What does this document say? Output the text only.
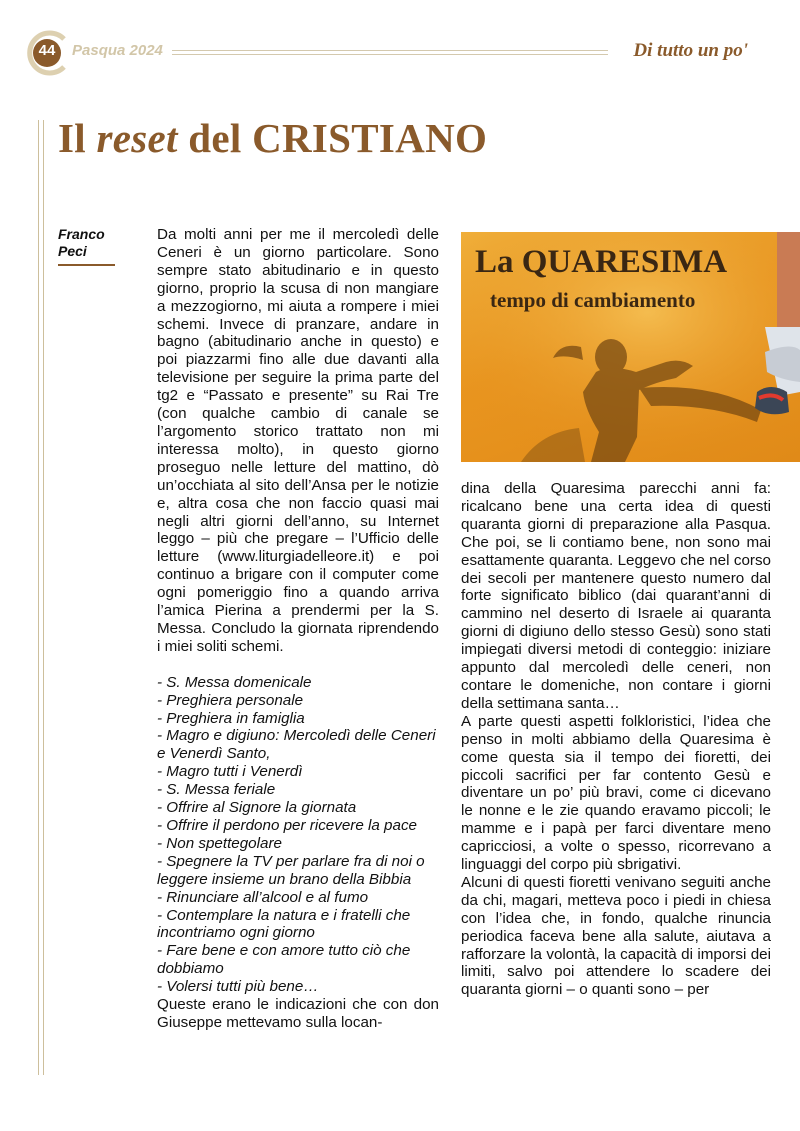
44	Pasqua 2024	Di tutto un po'
Il reset del CRISTIANO
Franco
Peci

Da molti anni per me il mercoledì delle Ceneri è un giorno particolare. Sono sempre stato abitudinario e in questo giorno, proprio la scusa di non mangiare a mezzogiorno, mi aiuta a rompere i miei schemi. Invece di pranzare, andare in bagno (abitudinario anche in questo) e poi piazzarmi fino alle due davanti alla televisione per seguire la prima parte del tg2 e “Passato e presente” su Rai Tre (con qualche cambio di canale se l’argomento storico trattato non mi interessa molto), in questo giorno proseguo nelle letture del mattino, dò un’occhiata al sito dell’Ansa per le notizie e, altra cosa che non faccio quasi mai negli altri giorni dell’anno, su Internet leggo – più che pregare – l’Ufficio delle letture (www.liturgiadelleore.it) e poi continuo a brigare con il computer come ogni pomeriggio fino a quando arriva l’amica Pierina a prendermi per la S. Messa. Concludo la giornata riprendendo i miei soliti schemi.

- S. Messa domenicale
- Preghiera personale
- Preghiera in famiglia
- Magro e digiuno: Mercoledì delle Ceneri e Venerdì Santo,
- Magro tutti i Venerdì
- S. Messa feriale
- Offrire al Signore la giornata
- Offrire il perdono per ricevere la pace
- Non spettegolare
- Spegnere la TV per parlare fra di noi o leggere insieme un brano della Bibbia
- Rinunciare all’alcool e al fumo
- Contemplare la natura e i fratelli che incontriamo ogni giorno
- Fare bene e con amore tutto ciò che dobbiamo
- Volersi tutti più bene…

Queste erano le indicazioni che con don Giuseppe mettevamo sulla locan-

La QUARESIMA
tempo di cambiamento

dina della Quaresima parecchi anni fa: ricalcano bene una certa idea di questi quaranta giorni di preparazione alla Pasqua. Che poi, se li contiamo bene, non sono mai esattamente quaranta. Leggevo che nel corso dei secoli per mantenere questo numero dal forte significato biblico (dai quarant’anni di cammino nel deserto di Israele ai quaranta giorni di digiuno dello stesso Gesù) sono stati impiegati diversi metodi di conteggio: iniziare appunto dal mercoledì delle ceneri, non contare le domeniche, non contare i giorni della settimana santa…

A parte questi aspetti folkloristici, l’idea che penso in molti abbiamo della Quaresima è come questa sia il tempo dei fioretti, dei piccoli sacrifici per far contento Gesù e diventare un po’ più bravi, come ci dicevano le nonne e le zie quando eravamo piccoli; le mamme e i papà per farci diventare meno capricciosi, a volte o spesso, ricorrevano a linguaggi del corpo più sbrigativi.

Alcuni di questi fioretti venivano seguiti anche da chi, magari, metteva poco i piedi in chiesa con l’idea che, in fondo, qualche rinuncia periodica faceva bene alla salute, aiutava a rafforzare la volontà, la capacità di imporsi dei limiti, salvo poi attendere lo scadere dei quaranta giorni – o quanti sono – per
